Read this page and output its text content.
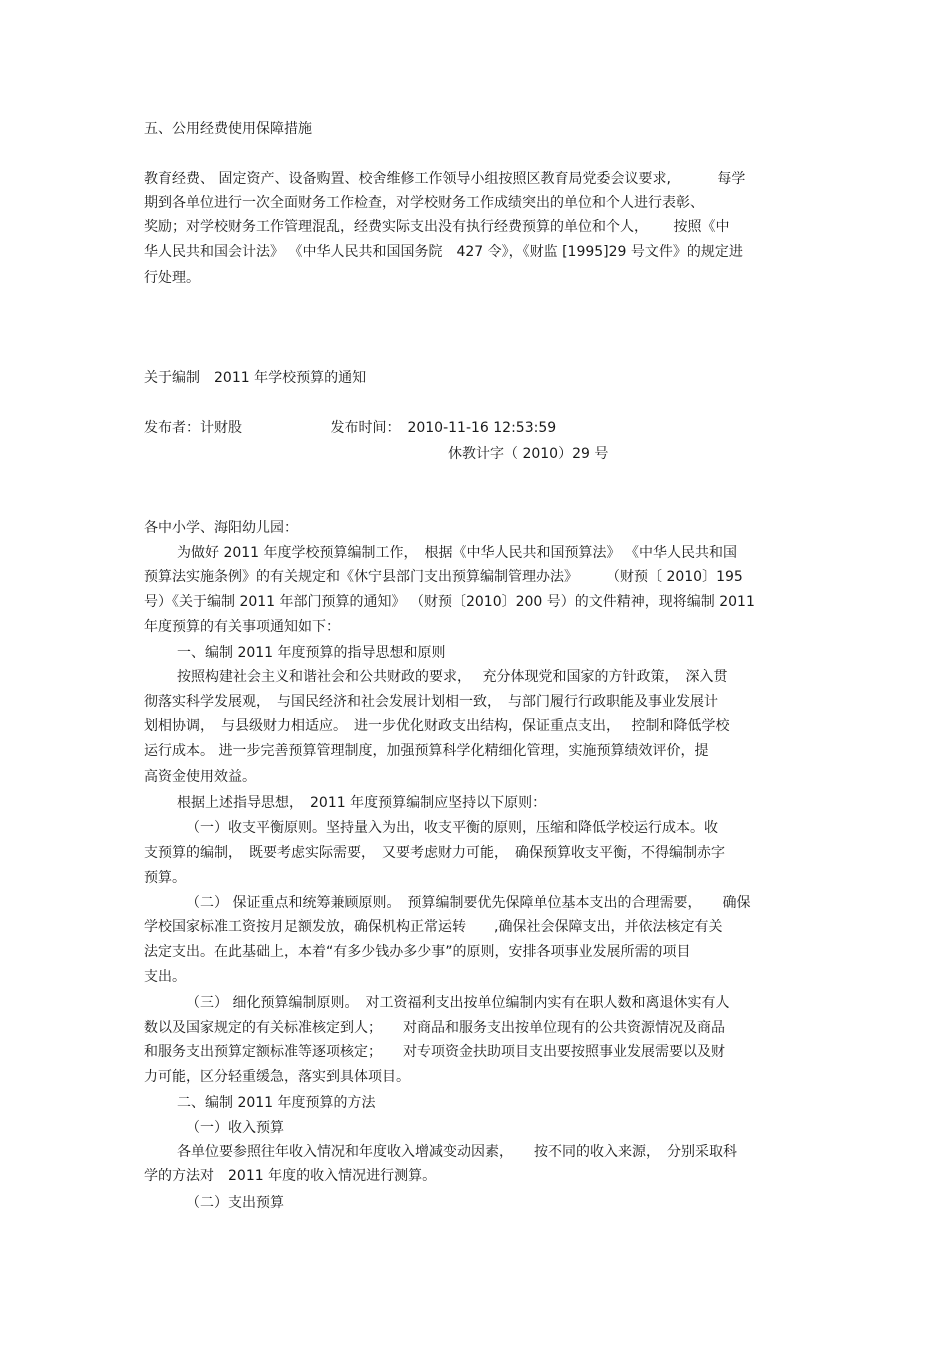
五、公用经费使用保障措施
教育经费、 固定资产、设备购置、校舍维修工作领导小组按照区教育局党委会议要求,　　　 每学
期到各单位进行一次全面财务工作检查，对学校财务工作成绩突出的单位和个人进行表彰、
奖励；对学校财务工作管理混乱，经费实际支出没有执行经费预算的单位和个人，　　 按照《中
华人民共和国会计法》 《中华人民共和国国务院　427 令》，《财监 [1995]29 号文件》的规定进
行处理。
关于编制　2011 年学校预算的通知
发布者：计财股　　　　　　 发布时间：　2010-11-16 12:53:59
休教计字（ 2010）29 号
各中小学、海阳幼儿园：
为做好 2011 年度学校预算编制工作，　根据《中华人民共和国预算法》 《中华人民共和国
预算法实施条例》的有关规定和《休宁县部门支出预算编制管理办法》　　　（财预〔 2010〕195
号）《关于编制 2011 年部门预算的通知》 （财预〔2010〕200 号）的文件精神，现将编制 2011
年度预算的有关事项通知如下：
一、编制 2011 年度预算的指导思想和原则
按照构建社会主义和谐社会和公共财政的要求，　 充分体现党和国家的方针政策，　深入贯
彻落实科学发展观，　与国民经济和社会发展计划相一致，　与部门履行行政职能及事业发展计
划相协调，　与县级财力相适应。　进一步优化财政支出结构，保证重点支出，　 控制和降低学校
运行成本。 进一步完善预算管理制度，加强预算科学化精细化管理，实施预算绩效评价，提
高资金使用效益。
根据上述指导思想，　2011 年度预算编制应坚持以下原则：
（一）收支平衡原则。坚持量入为出，收支平衡的原则，压缩和降低学校运行成本。收
支预算的编制，　既要考虑实际需要，　又要考虑财力可能，　确保预算收支平衡，不得编制赤字
预算。
（二） 保证重点和统筹兼顾原则。　预算编制要优先保障单位基本支出的合理需要，　　确保
学校国家标准工资按月足额发放，确保机构正常运转　　,确保社会保障支出，并依法核定有关
法定支出。在此基础上，本着“有多少钱办多少事”的原则，安排各项事业发展所需的项目
支出。
（三） 细化预算编制原则。　对工资福利支出按单位编制内实有在职人数和离退休实有人
数以及国家规定的有关标准核定到人；　　对商品和服务支出按单位现有的公共资源情况及商品
和服务支出预算定额标准等逐项核定；　　对专项资金扶助项目支出要按照事业发展需要以及财
力可能，区分轻重缓急，落实到具体项目。
二、编制 2011 年度预算的方法
（一）收入预算
各单位要参照往年收入情况和年度收入增减变动因素，　　按不同的收入来源，　分别采取科
学的方法对　2011 年度的收入情况进行测算。
（二）支出预算
